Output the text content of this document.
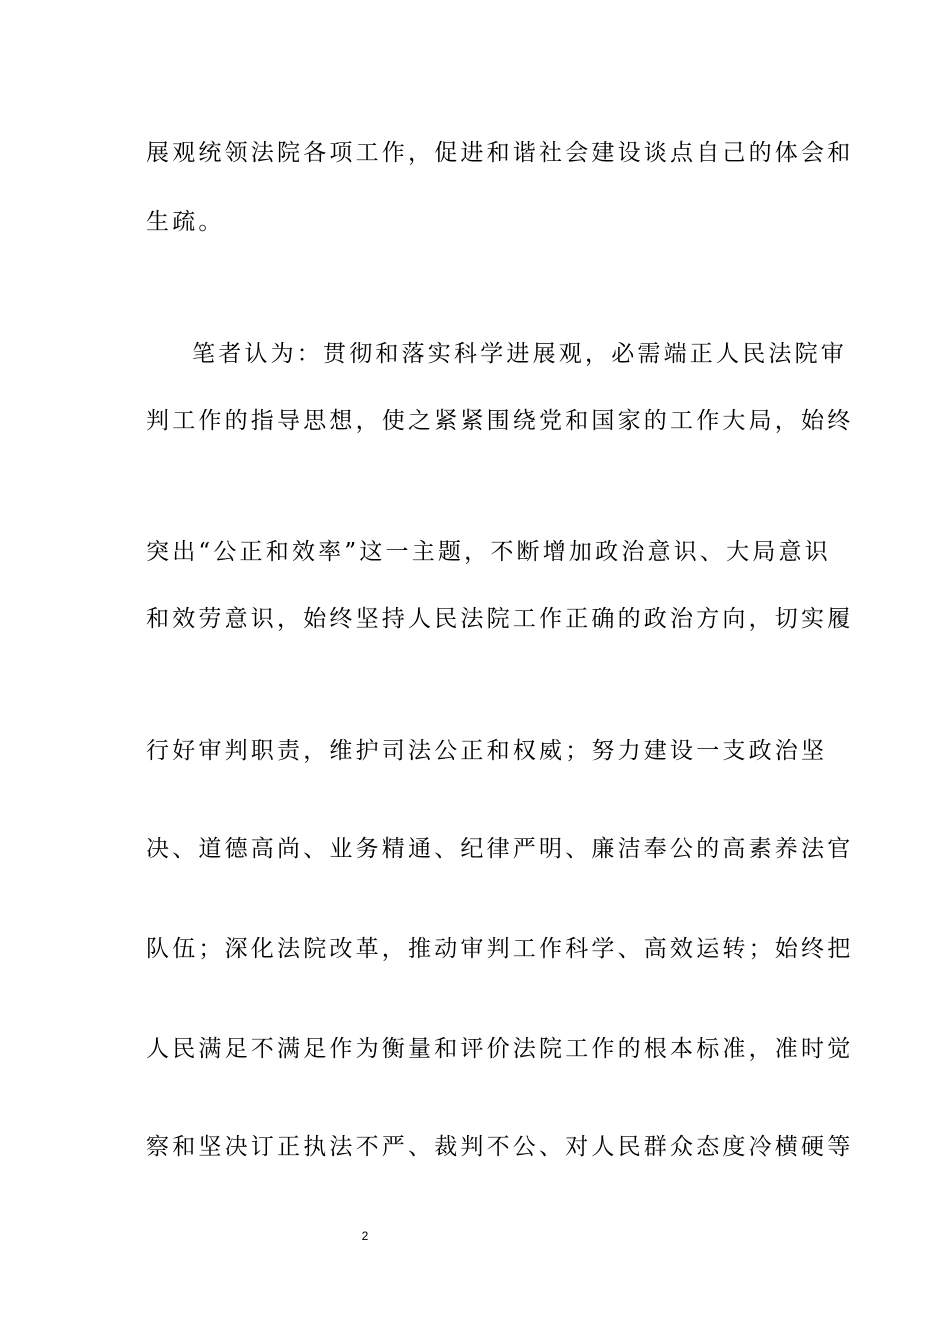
展观统领法院各项工作，促进和谐社会建设谈点自己的体会和
生疏。
笔者认为：贯彻和落实科学进展观，必需端正人民法院审
判工作的指导思想，使之紧紧围绕党和国家的工作大局，始终
突出“公正和效率”这一主题，不断增加政治意识、大局意识
和效劳意识，始终坚持人民法院工作正确的政治方向，切实履
行好审判职责，维护司法公正和权威；努力建设一支政治坚
决、道德高尚、业务精通、纪律严明、廉洁奉公的高素养法官
队伍；深化法院改革，推动审判工作科学、高效运转；始终把
人民满足不满足作为衡量和评价法院工作的根本标准，准时觉
察和坚决订正执法不严、裁判不公、对人民群众态度冷横硬等
2
